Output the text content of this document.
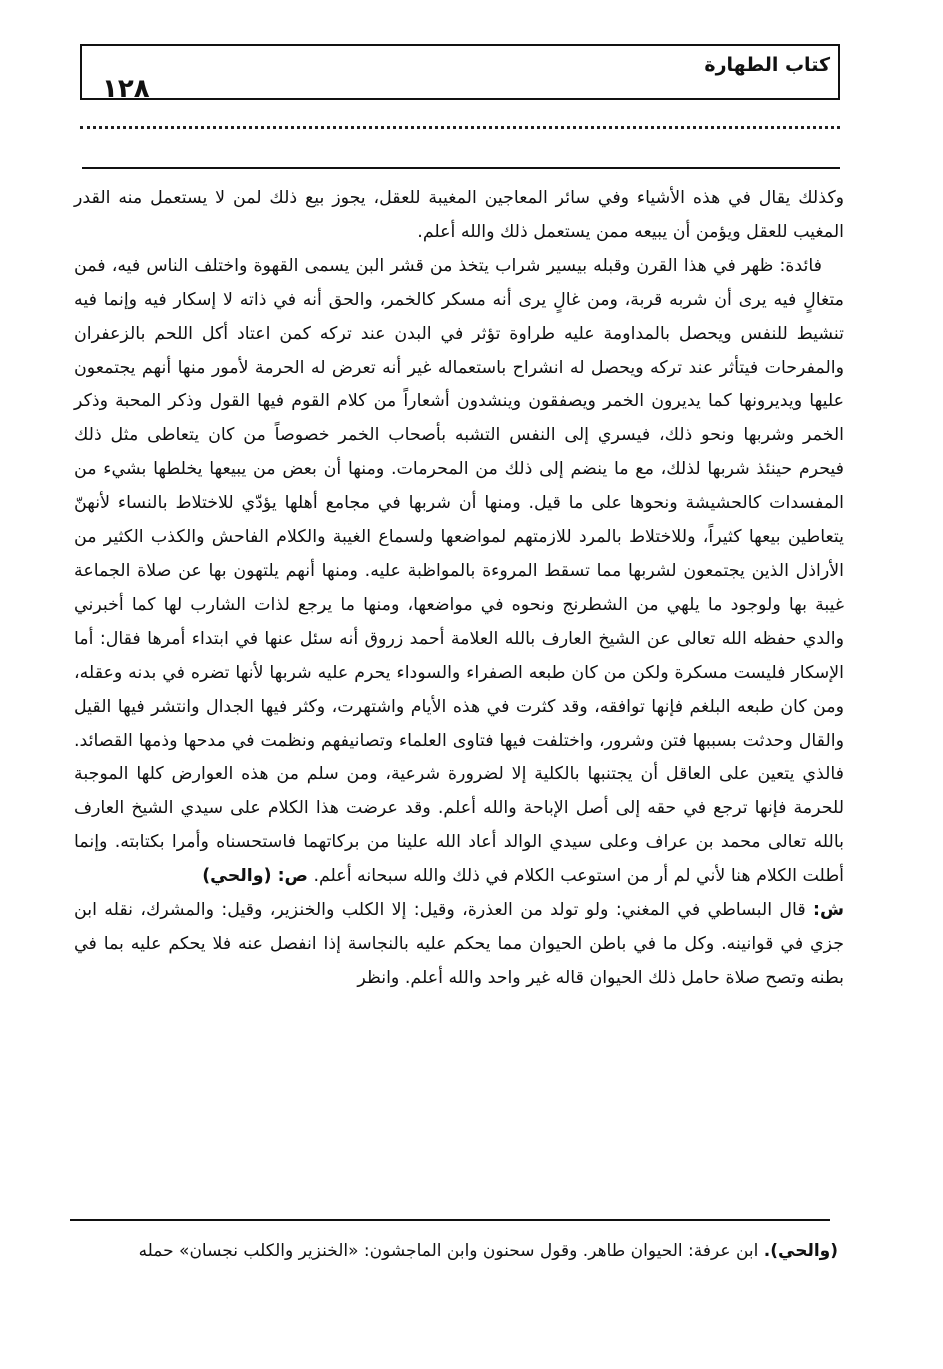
١٢٨
كتاب الطهارة

وكذلك يقال في هذه الأشياء وفي سائر المعاجين المغيبة للعقل، يجوز بيع ذلك لمن لا يستعمل منه القدر المغيب للعقل ويؤمن أن يبيعه ممن يستعمل ذلك والله أعلم.

فائدة: ظهر في هذا القرن وقبله بيسير شراب يتخذ من قشر البن يسمى القهوة واختلف الناس فيه، فمن متغالٍ فيه يرى أن شربه قربة، ومن غالٍ يرى أنه مسكر كالخمر، والحق أنه في ذاته لا إسكار فيه وإنما فيه تنشيط للنفس ويحصل بالمداومة عليه طراوة تؤثر في البدن عند تركه كمن اعتاد أكل اللحم بالزعفران والمفرحات فيتأثر عند تركه ويحصل له انشراح باستعماله غير أنه تعرض له الحرمة لأمور منها أنهم يجتمعون عليها ويديرونها كما يديرون الخمر ويصفقون وينشدون أشعاراً من كلام القوم فيها القول وذكر المحبة وذكر الخمر وشربها ونحو ذلك، فيسري إلى النفس التشبه بأصحاب الخمر خصوصاً من كان يتعاطى مثل ذلك فيحرم حينئذ شربها لذلك، مع ما ينضم إلى ذلك من المحرمات. ومنها أن بعض من يبيعها يخلطها بشيء من المفسدات كالحشيشة ونحوها على ما قيل. ومنها أن شربها في مجامع أهلها يؤدّي للاختلاط بالنساء لأنهنّ يتعاطين بيعها كثيراً، وللاختلاط بالمرد للازمتهم لمواضعها ولسماع الغيبة والكلام الفاحش والكذب الكثير من الأراذل الذين يجتمعون لشربها مما تسقط المروءة بالمواظبة عليه. ومنها أنهم يلتهون بها عن صلاة الجماعة غيبة بها ولوجود ما يلهي من الشطرنج ونحوه في مواضعها، ومنها ما يرجع لذات الشارب لها كما أخبرني والدي حفظه الله تعالى عن الشيخ العارف بالله العلامة أحمد زروق أنه سئل عنها في ابتداء أمرها فقال: أما الإسكار فليست مسكرة ولكن من كان طبعه الصفراء والسوداء يحرم عليه شربها لأنها تضره في بدنه وعقله، ومن كان طبعه البلغم فإنها توافقه، وقد كثرت في هذه الأيام واشتهرت، وكثر فيها الجدال وانتشر فيها القيل والقال وحدثت بسببها فتن وشرور، واختلفت فيها فتاوى العلماء وتصانيفهم ونظمت في مدحها وذمها القصائد. فالذي يتعين على العاقل أن يجتنبها بالكلية إلا لضرورة شرعية، ومن سلم من هذه العوارض كلها الموجبة للحرمة فإنها ترجع في حقه إلى أصل الإباحة والله أعلم. وقد عرضت هذا الكلام على سيدي الشيخ العارف بالله تعالى محمد بن عراف وعلى سيدي الوالد أعاد الله علينا من بركاتهما فاستحسناه وأمرا بكتابته. وإنما أطلت الكلام هنا لأني لم أر من استوعب الكلام في ذلك والله سبحانه أعلم. ص: (والحي)

ش: قال البساطي في المغني: ولو تولد من العذرة، وقيل: إلا الكلب والخنزير، وقيل: والمشرك، نقله ابن جزي في قوانينه. وكل ما في باطن الحيوان مما يحكم عليه بالنجاسة إذا انفصل عنه فلا يحكم عليه بما في بطنه وتصح صلاة حامل ذلك الحيوان قاله غير واحد والله أعلم. وانظر

(والحي). ابن عرفة: الحيوان طاهر. وقول سحنون وابن الماجشون: «الخنزير والكلب نجسان» حمله
